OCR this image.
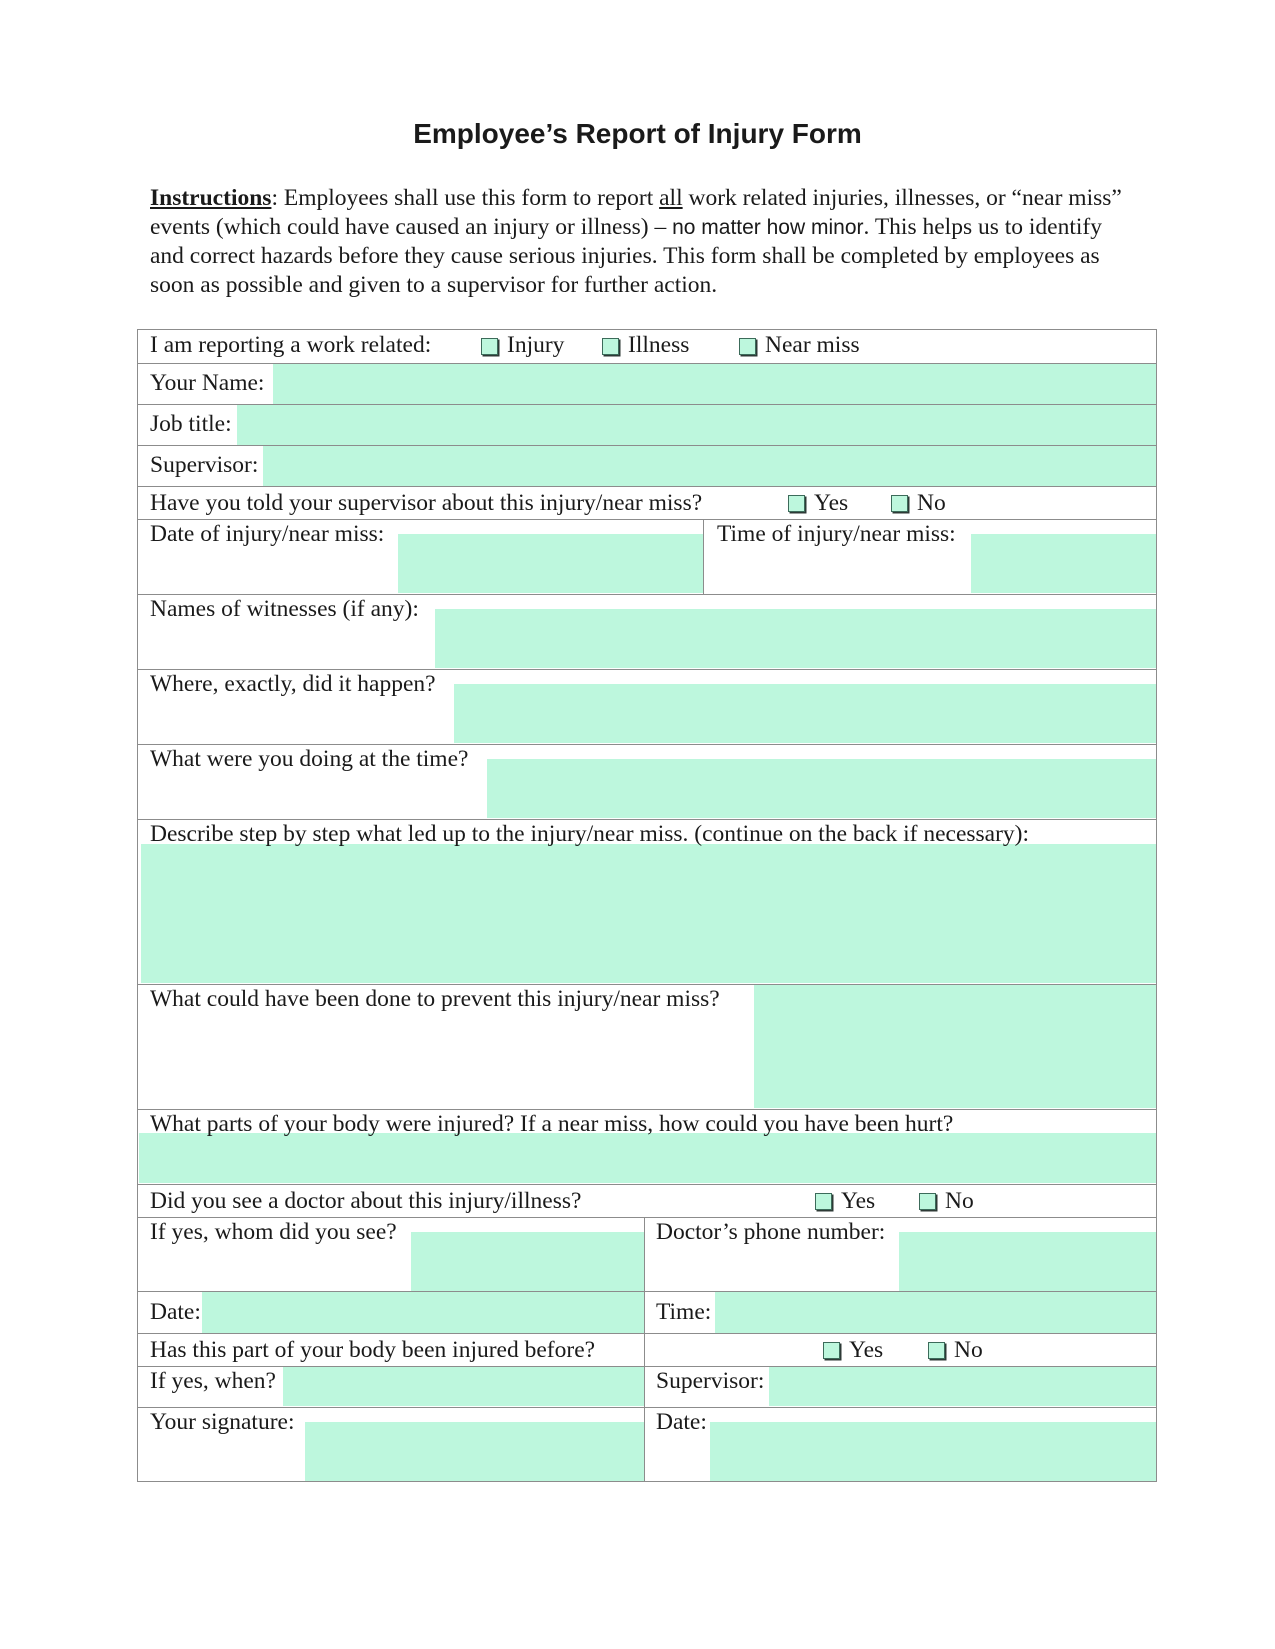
Employee’s Report of Injury Form
Instructions: Employees shall use this form to report all work related injuries, illnesses, or “near miss” events (which could have caused an injury or illness) – no matter how minor. This helps us to identify and correct hazards before they cause serious injuries. This form shall be completed by employees as soon as possible and given to a supervisor for further action.
I am reporting a work related:	Injury	Illness	Near miss
Your Name:
Job title:
Supervisor:
Have you told your supervisor about this injury/near miss?	Yes	No
Date of injury/near miss:	Time of injury/near miss:
Names of witnesses (if any):
Where, exactly, did it happen?
What were you doing at the time?
Describe step by step what led up to the injury/near miss. (continue on the back if necessary):
What could have been done to prevent this injury/near miss?
What parts of your body were injured? If a near miss, how could you have been hurt?
Did you see a doctor about this injury/illness?	Yes	No
If yes, whom did you see?	Doctor’s phone number:
Date:	Time:
Has this part of your body been injured before?	Yes	No
If yes, when?	Supervisor:
Your signature:	Date:
